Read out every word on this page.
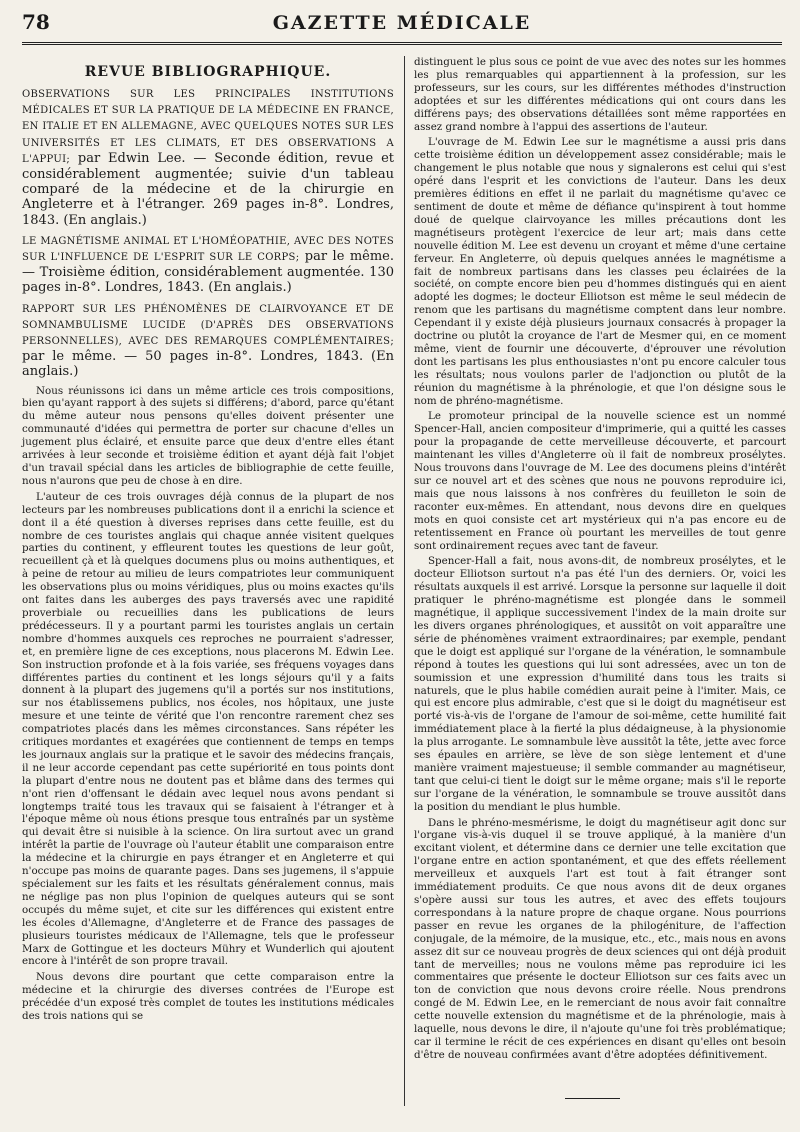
78	GAZETTE MÉDICALE
REVUE BIBLIOGRAPHIQUE.
OBSERVATIONS SUR LES PRINCIPALES INSTITUTIONS MÉDICALES ET SUR LA PRATIQUE DE LA MÉDECINE EN FRANCE, EN ITALIE ET EN ALLEMAGNE, AVEC QUELQUES NOTES SUR LES UNIVERSITÉS ET LES CLIMATS, ET DES OBSERVATIONS A L'APPUI; par Edwin Lee. — Seconde édition, revue et considérablement augmentée; suivie d'un tableau comparé de la médecine et de la chirurgie en Angleterre et à l'étranger. 269 pages in-8°. Londres, 1843. (En anglais.)
LE MAGNÉTISME ANIMAL ET L'HOMÉOPATHIE, AVEC DES NOTES SUR L'INFLUENCE DE L'ESPRIT SUR LE CORPS; par le même. — Troisième édition, considérablement augmentée. 130 pages in-8°. Londres, 1843. (En anglais.)
RAPPORT SUR LES PHÉNOMÈNES DE CLAIRVOYANCE ET DE SOMNAMBULISME LUCIDE (D'APRÈS DES OBSERVATIONS PERSONNELLES), AVEC DES REMARQUES COMPLÉMENTAIRES; par le même. — 50 pages in-8°. Londres, 1843. (En anglais.)

Nous réunissons ici dans un même article ces trois compositions, bien qu'ayant rapport à des sujets si différens; d'abord, parce qu'étant du même auteur nous pensons qu'elles doivent présenter une communauté d'idées qui permettra de porter sur chacune d'elles un jugement plus éclairé, et ensuite parce que deux d'entre elles étant arrivées à leur seconde et troisième édition et ayant déjà fait l'objet d'un travail spécial dans les articles de bibliographie de cette feuille, nous n'aurons que peu de chose à en dire.

L'auteur de ces trois ouvrages déjà connus de la plupart de nos lecteurs par les nombreuses publications dont il a enrichi la science et dont il a été question à diverses reprises dans cette feuille, est du nombre de ces touristes anglais qui chaque année visitent quelques parties du continent, y effleurent toutes les questions de leur goût, recueillent çà et là quelques documens plus ou moins authentiques, et à peine de retour au milieu de leurs compatriotes leur communiquent les observations plus ou moins véridiques, plus ou moins exactes qu'ils ont faites dans les auberges des pays traversés avec une rapidité proverbiale ou recueillies dans les publications de leurs prédécesseurs. Il y a pourtant parmi les touristes anglais un certain nombre d'hommes auxquels ces reproches ne pourraient s'adresser, et, en première ligne de ces exceptions, nous placerons M. Edwin Lee. Son instruction profonde et à la fois variée, ses fréquens voyages dans différentes parties du continent et les longs séjours qu'il y a faits donnent à la plupart des jugemens qu'il a portés sur nos institutions, sur nos établissemens publics, nos écoles, nos hôpitaux, une juste mesure et une teinte de vérité que l'on rencontre rarement chez ses compatriotes placés dans les mêmes circonstances. Sans répéter les critiques mordantes et exagérées que contiennent de temps en temps les journaux anglais sur la pratique et le savoir des médecins français, il ne leur accorde cependant pas cette supériorité en tous points dont la plupart d'entre nous ne doutent pas et blâme dans des termes qui n'ont rien d'offensant le dédain avec lequel nous avons pendant si longtemps traité tous les travaux qui se faisaient à l'étranger et à l'époque même où nous étions presque tous entraînés par un système qui devait être si nuisible à la science. On lira surtout avec un grand intérêt la partie de l'ouvrage où l'auteur établit une comparaison entre la médecine et la chirurgie en pays étranger et en Angleterre et qui n'occupe pas moins de quarante pages. Dans ses jugemens, il s'appuie spécialement sur les faits et les résultats généralement connus, mais ne néglige pas non plus l'opinion de quelques auteurs qui se sont occupés du même sujet, et cite sur les différences qui existent entre les écoles d'Allemagne, d'Angleterre et de France des passages de plusieurs touristes médicaux de l'Allemagne, tels que le professeur Marx de Gottingue et les docteurs Mühry et Wunderlich qui ajoutent encore à l'intérêt de son propre travail.

Nous devons dire pourtant que cette comparaison entre la médecine et la chirurgie des diverses contrées de l'Europe est précédée d'un exposé très complet de toutes les institutions médicales des trois nations qui se

distinguent le plus sous ce point de vue avec des notes sur les hommes les plus remarquables qui appartiennent à la profession, sur les professeurs, sur les cours, sur les différentes méthodes d'instruction adoptées et sur les différentes médications qui ont cours dans les différens pays; des observations détaillées sont même rapportées en assez grand nombre à l'appui des assertions de l'auteur.

L'ouvrage de M. Edwin Lee sur le magnétisme a aussi pris dans cette troisième édition un développement assez considérable; mais le changement le plus notable que nous y signalerons est celui qui s'est opéré dans l'esprit et les convictions de l'auteur. Dans les deux premières éditions en effet il ne parlait du magnétisme qu'avec ce sentiment de doute et même de défiance qu'inspirent à tout homme doué de quelque clairvoyance les milles précautions dont les magnétiseurs protègent l'exercice de leur art; mais dans cette nouvelle édition M. Lee est devenu un croyant et même d'une certaine ferveur. En Angleterre, où depuis quelques années le magnétisme a fait de nombreux partisans dans les classes peu éclairées de la société, on compte encore bien peu d'hommes distingués qui en aient adopté les dogmes; le docteur Elliotson est même le seul médecin de renom que les partisans du magnétisme comptent dans leur nombre. Cependant il y existe déjà plusieurs journaux consacrés à propager la doctrine ou plutôt la croyance de l'art de Mesmer qui, en ce moment même, vient de fournir une découverte, d'éprouver une révolution dont les partisans les plus enthousiastes n'ont pu encore calculer tous les résultats; nous voulons parler de l'adjonction ou plutôt de la réunion du magnétisme à la phrénologie, et que l'on désigne sous le nom de phréno-magnétisme.

Le promoteur principal de la nouvelle science est un nommé Spencer-Hall, ancien compositeur d'imprimerie, qui a quitté les casses pour la propagande de cette merveilleuse découverte, et parcourt maintenant les villes d'Angleterre où il fait de nombreux prosélytes. Nous trouvons dans l'ouvrage de M. Lee des documens pleins d'intérêt sur ce nouvel art et des scènes que nous ne pouvons reproduire ici, mais que nous laissons à nos confrères du feuilleton le soin de raconter eux-mêmes. En attendant, nous devons dire en quelques mots en quoi consiste cet art mystérieux qui n'a pas encore eu de retentissement en France où pourtant les merveilles de tout genre sont ordinairement reçues avec tant de faveur.

Spencer-Hall a fait, nous avons-dit, de nombreux prosélytes, et le docteur Elliotson surtout n'a pas été l'un des derniers. Or, voici les résultats auxquels il est arrivé. Lorsque la personne sur laquelle il doit pratiquer le phréno-magnétisme est plongée dans le sommeil magnétique, il applique successivement l'index de la main droite sur les divers organes phrénologiques, et aussitôt on voit apparaître une série de phénomènes vraiment extraordinaires; par exemple, pendant que le doigt est appliqué sur l'organe de la vénération, le somnambule répond à toutes les questions qui lui sont adressées, avec un ton de soumission et une expression d'humilité dans tous les traits si naturels, que le plus habile comédien aurait peine à l'imiter. Mais, ce qui est encore plus admirable, c'est que si le doigt du magnétiseur est porté vis-à-vis de l'organe de l'amour de soi-même, cette humilité fait immédiatement place à la fierté la plus dédaigneuse, à la physionomie la plus arrogante. Le somnambule lève aussitôt la tête, jette avec force ses épaules en arrière, se lève de son siège lentement et d'une manière vraiment majestueuse; il semble commander au magnétiseur, tant que celui-ci tient le doigt sur le même organe; mais s'il le reporte sur l'organe de la vénération, le somnambule se trouve aussitôt dans la position du mendiant le plus humble.

Dans le phréno-mesmérisme, le doigt du magnétiseur agit donc sur l'organe vis-à-vis duquel il se trouve appliqué, à la manière d'un excitant violent, et détermine dans ce dernier une telle excitation que l'organe entre en action spontanément, et que des effets réellement merveilleux et auxquels l'art est tout à fait étranger sont immédiatement produits. Ce que nous avons dit de deux organes s'opère aussi sur tous les autres, et avec des effets toujours correspondans à la nature propre de chaque organe. Nous pourrions passer en revue les organes de la philogéniture, de l'affection conjugale, de la mémoire, de la musique, etc., etc., mais nous en avons assez dit sur ce nouveau progrès de deux sciences qui ont déjà produit tant de merveilles; nous ne voulons même pas reproduire ici les commentaires que présente le docteur Elliotson sur ces faits avec un ton de conviction que nous devons croire réelle. Nous prendrons congé de M. Edwin Lee, en le remerciant de nous avoir fait connaître cette nouvelle extension du magnétisme et de la phrénologie, mais à laquelle, nous devons le dire, il n'ajoute qu'une foi très problématique; car il termine le récit de ces expériences en disant qu'elles ont besoin d'être de nouveau confirmées avant d'être adoptées définitivement.
